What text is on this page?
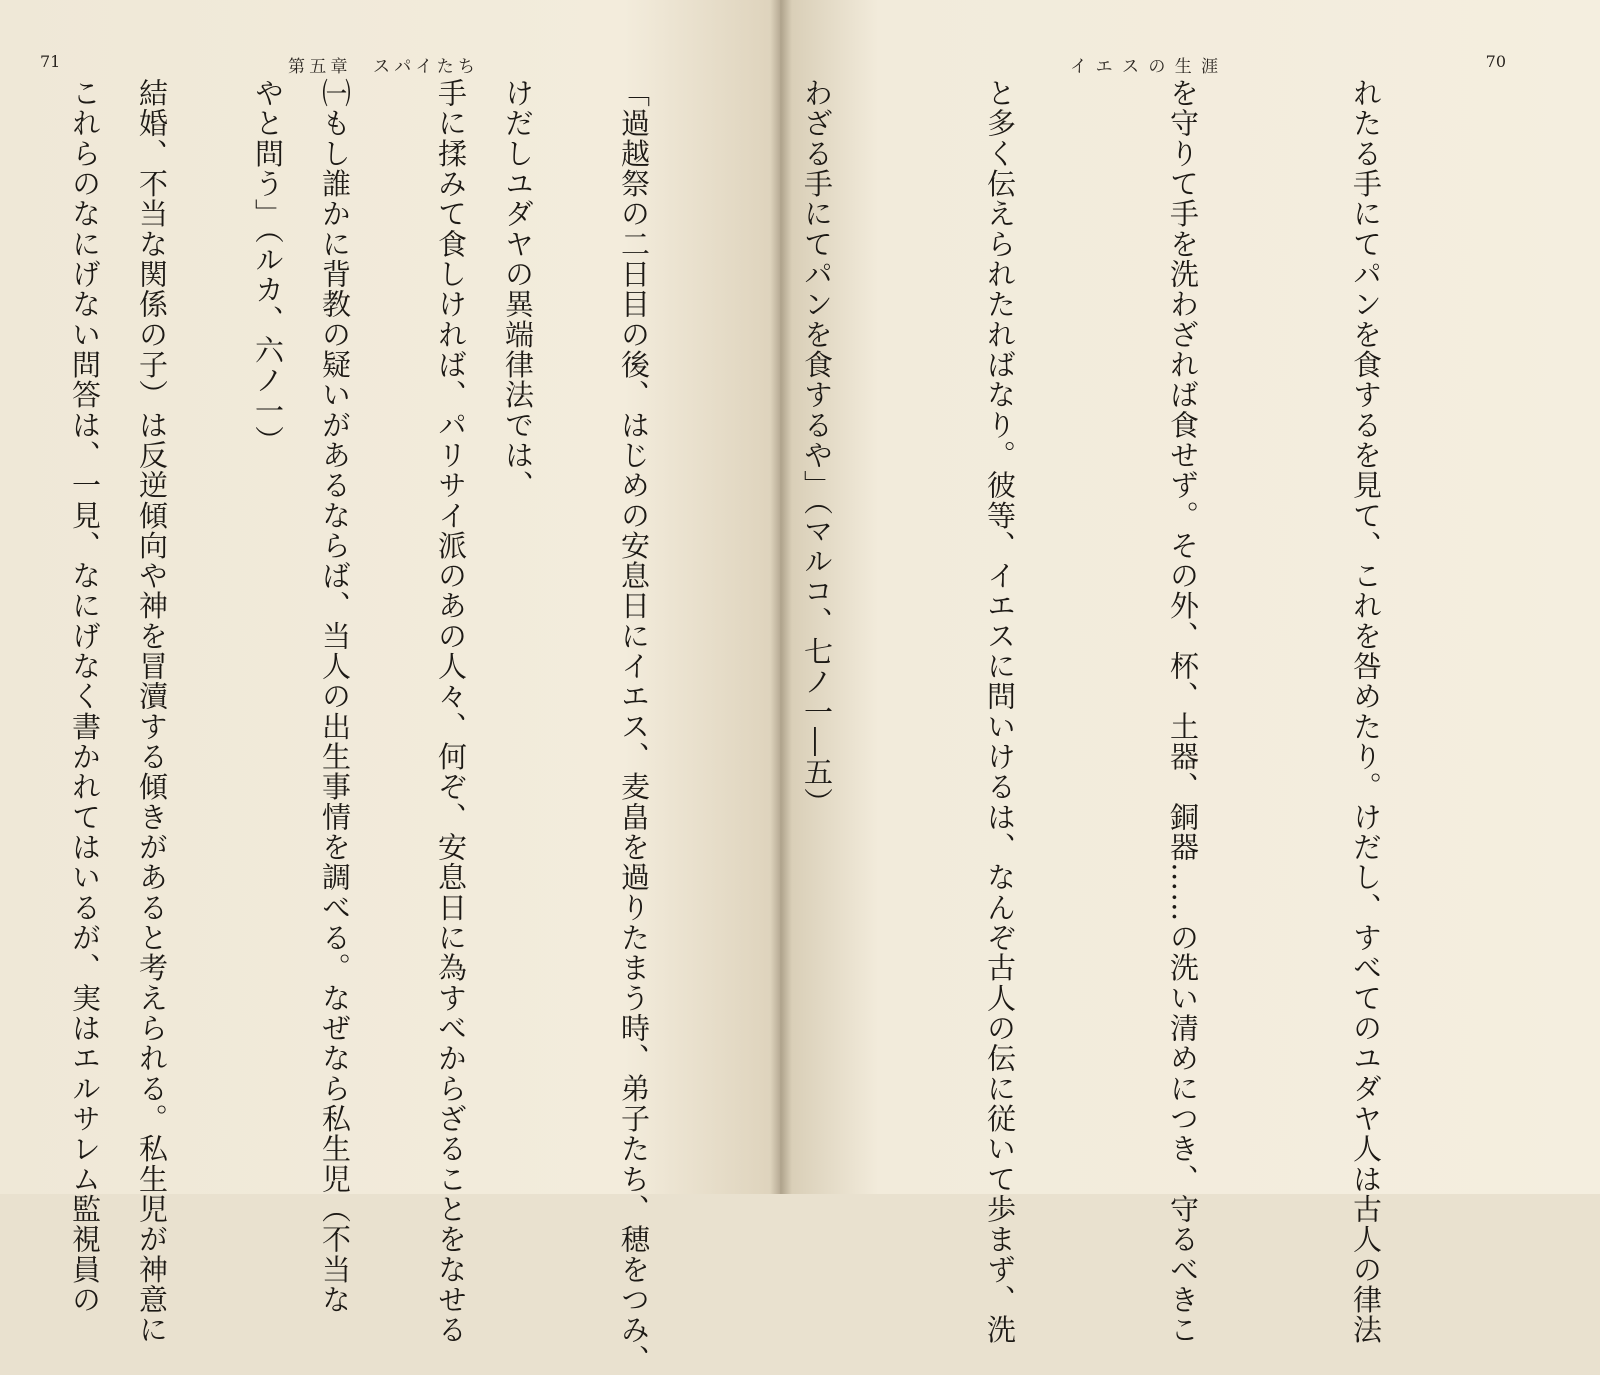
71	第五章　スパイたち

けだしユダヤの異端律法では、

㈠もし誰かに背教の疑いがあるならば、当人の出生事情を調べる。なぜなら私生児（不当な

結婚、不当な関係の子）は反逆傾向や神を冒瀆する傾きがあると考えられる。私生児が神意に

70
イエスの生涯

れたる手にてパンを食するを見て、これを咎めたり。けだし、すべてのユダヤ人は古人の律法

を守りて手を洗わざれば食せず。その外、杯、土器、銅器……の洗い清めにつき、守るべきこ

と多く伝えられたればなり。彼等、イエスに問いけるは、なんぞ古人の伝に従いて歩まず、洗

わざる手にてパンを食するや」（マルコ、七ノ一―五）

「過越祭の二日目の後、はじめの安息日にイエス、麦畠を過りたまう時、弟子たち、穂をつみ、

手に揉みて食しければ、パリサイ派のあの人々、何ぞ、安息日に為すべからざることをなせる

やと問う」（ルカ、六ノ一）

これらのなにげない問答は、一見、なにげなく書かれてはいるが、実はエルサレム監視員の
